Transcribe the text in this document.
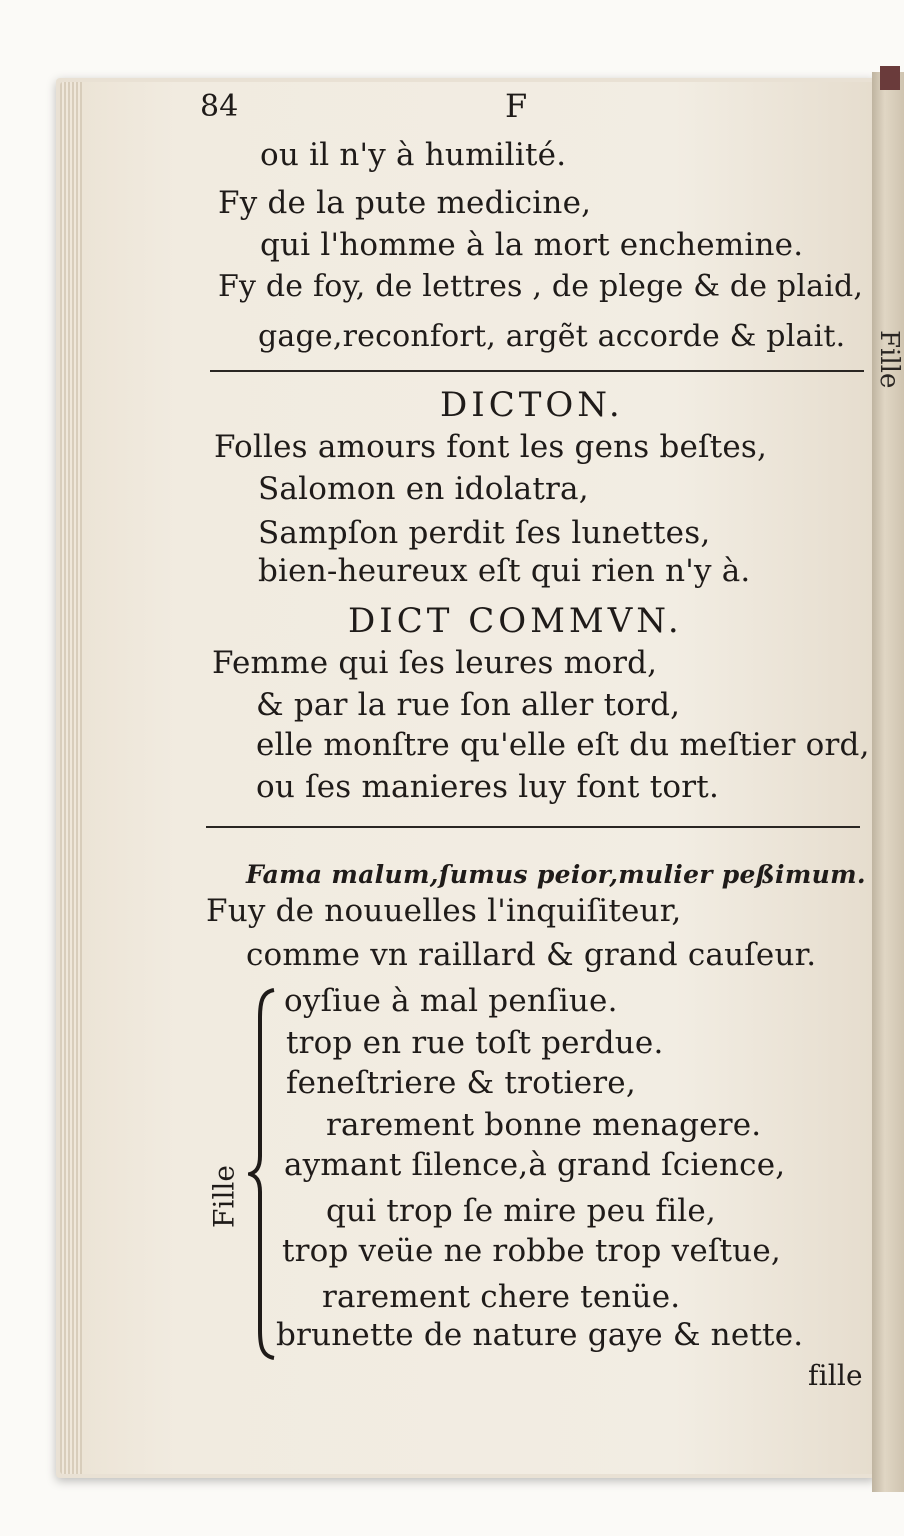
Fille
84	F
ou il n'y à humilité.
Fy de la pute medicine,
qui l'homme à la mort enchemine.
Fy de foy, de lettres , de plege & de plaid,
gage,reconfort, argẽt accorde & plait.
DICTON.
Folles amours font les gens beſtes,
Salomon en idolatra,
Sampſon perdit ſes lunettes,
bien-heureux eſt qui rien n'y à.
DICT COMMVN.
Femme qui ſes leures mord,
& par la rue ſon aller tord,
elle monſtre qu'elle eſt du meſtier ord,
ou ſes manieres luy font tort.
Fama malum,ſumus peior,mulier peßimum.
Fuy de nouuelles l'inquiſiteur,
comme vn raillard & grand cauſeur.
Fille
oyſiue à mal penſiue.
trop en rue toſt perdue.
feneſtriere & trotiere,
rarement bonne menagere.
aymant ſilence,à grand ſcience,
qui trop ſe mire peu file,
trop veüe ne robbe trop veſtue,
rarement chere tenüe.
brunette de nature gaye & nette.
fille
